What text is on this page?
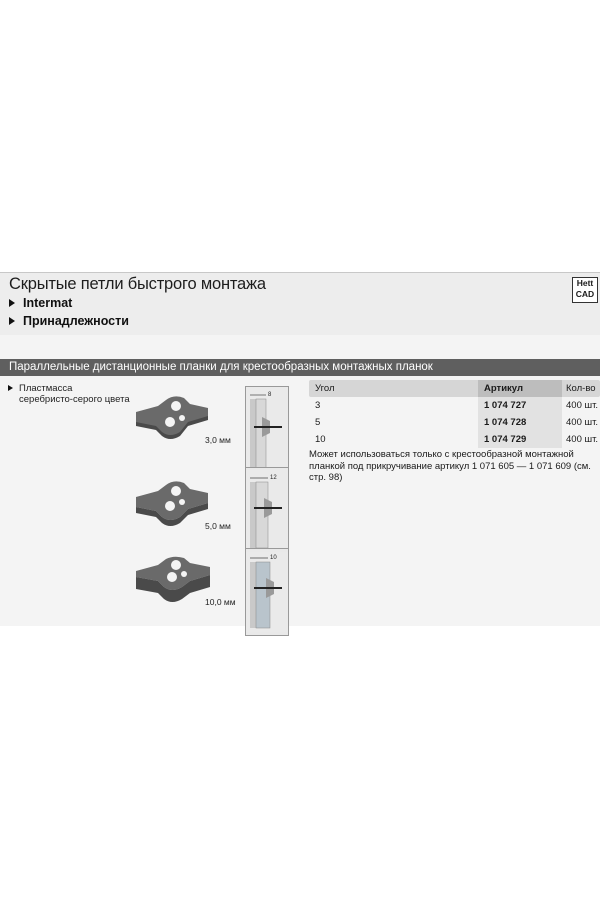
Скрытые петли быстрого монтажа
Intermat
Принадлежности
Hett
CAD
Параллельные дистанционные планки для крестообразных монтажных планок
Пластмасса
серебристо-серого цвета
3,0 мм
8
5,0 мм
12
10,0 мм
10
Угол	Артикул	Кол-во
3	1 074 727	400 шт.
5	1 074 728	400 шт.
10	1 074 729	400 шт.
Может использоваться только с крестообразной монтажной планкой под прикручивание артикул 1 071 605 — 1 071 609 (см. стр. 98)
